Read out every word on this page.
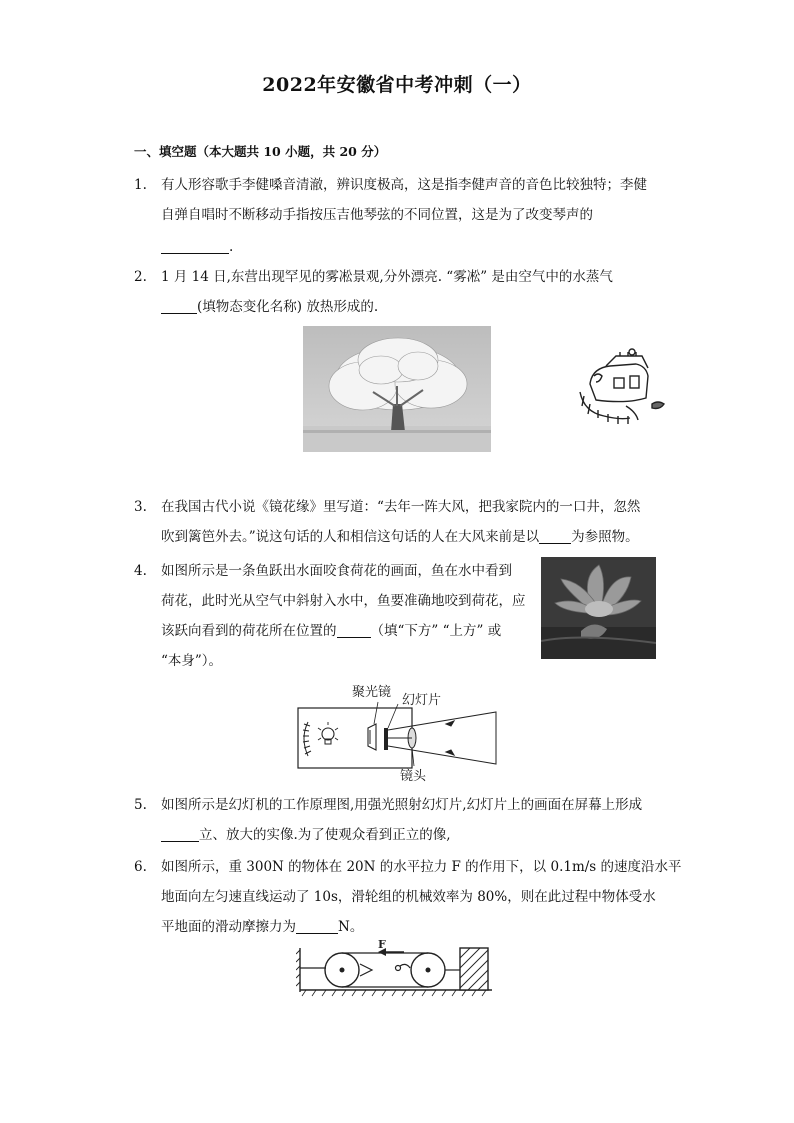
2022年安徽省中考冲刺（一）
一、填空题（本大题共 10 小题，共 20 分）
1.	有人形容歌手李健嗓音清澈，辨识度极高，这是指李健声音的音色比较独特；李健
自弹自唱时不断移动手指按压吉他琴弦的不同位置，这是为了改变琴声的
.
2.	1 月 14 日,东营出现罕见的雾凇景观,分外漂亮. “雾凇” 是由空气中的水蒸气
(填物态变化名称) 放热形成的.
3.	在我国古代小说《镜花缘》里写道：“去年一阵大风，把我家院内的一口井，忽然
吹到篱笆外去。”说这句话的人和相信这句话的人在大风来前是以 为参照物。
4.	如图所示是一条鱼跃出水面咬食荷花的画面，鱼在水中看到
荷花，此时光从空气中斜射入水中，鱼要准确地咬到荷花，应
该跃向看到的荷花所在位置的	（填“下方” “上方” 或
“本身”）。
聚光镜
幻灯片
镜头
5.	如图所示是幻灯机的工作原理图,用强光照射幻灯片,幻灯片上的画面在屏幕上形成
立、放大的实像.为了使观众看到正立的像,
6.	如图所示，重 300N 的物体在 20N 的水平拉力 F 的作用下，以 0.1m/s 的速度沿水平
地面向左匀速直线运动了 10s，滑轮组的机械效率为 80%，则在此过程中物体受水
平地面的滑动摩擦力为	N。
F
